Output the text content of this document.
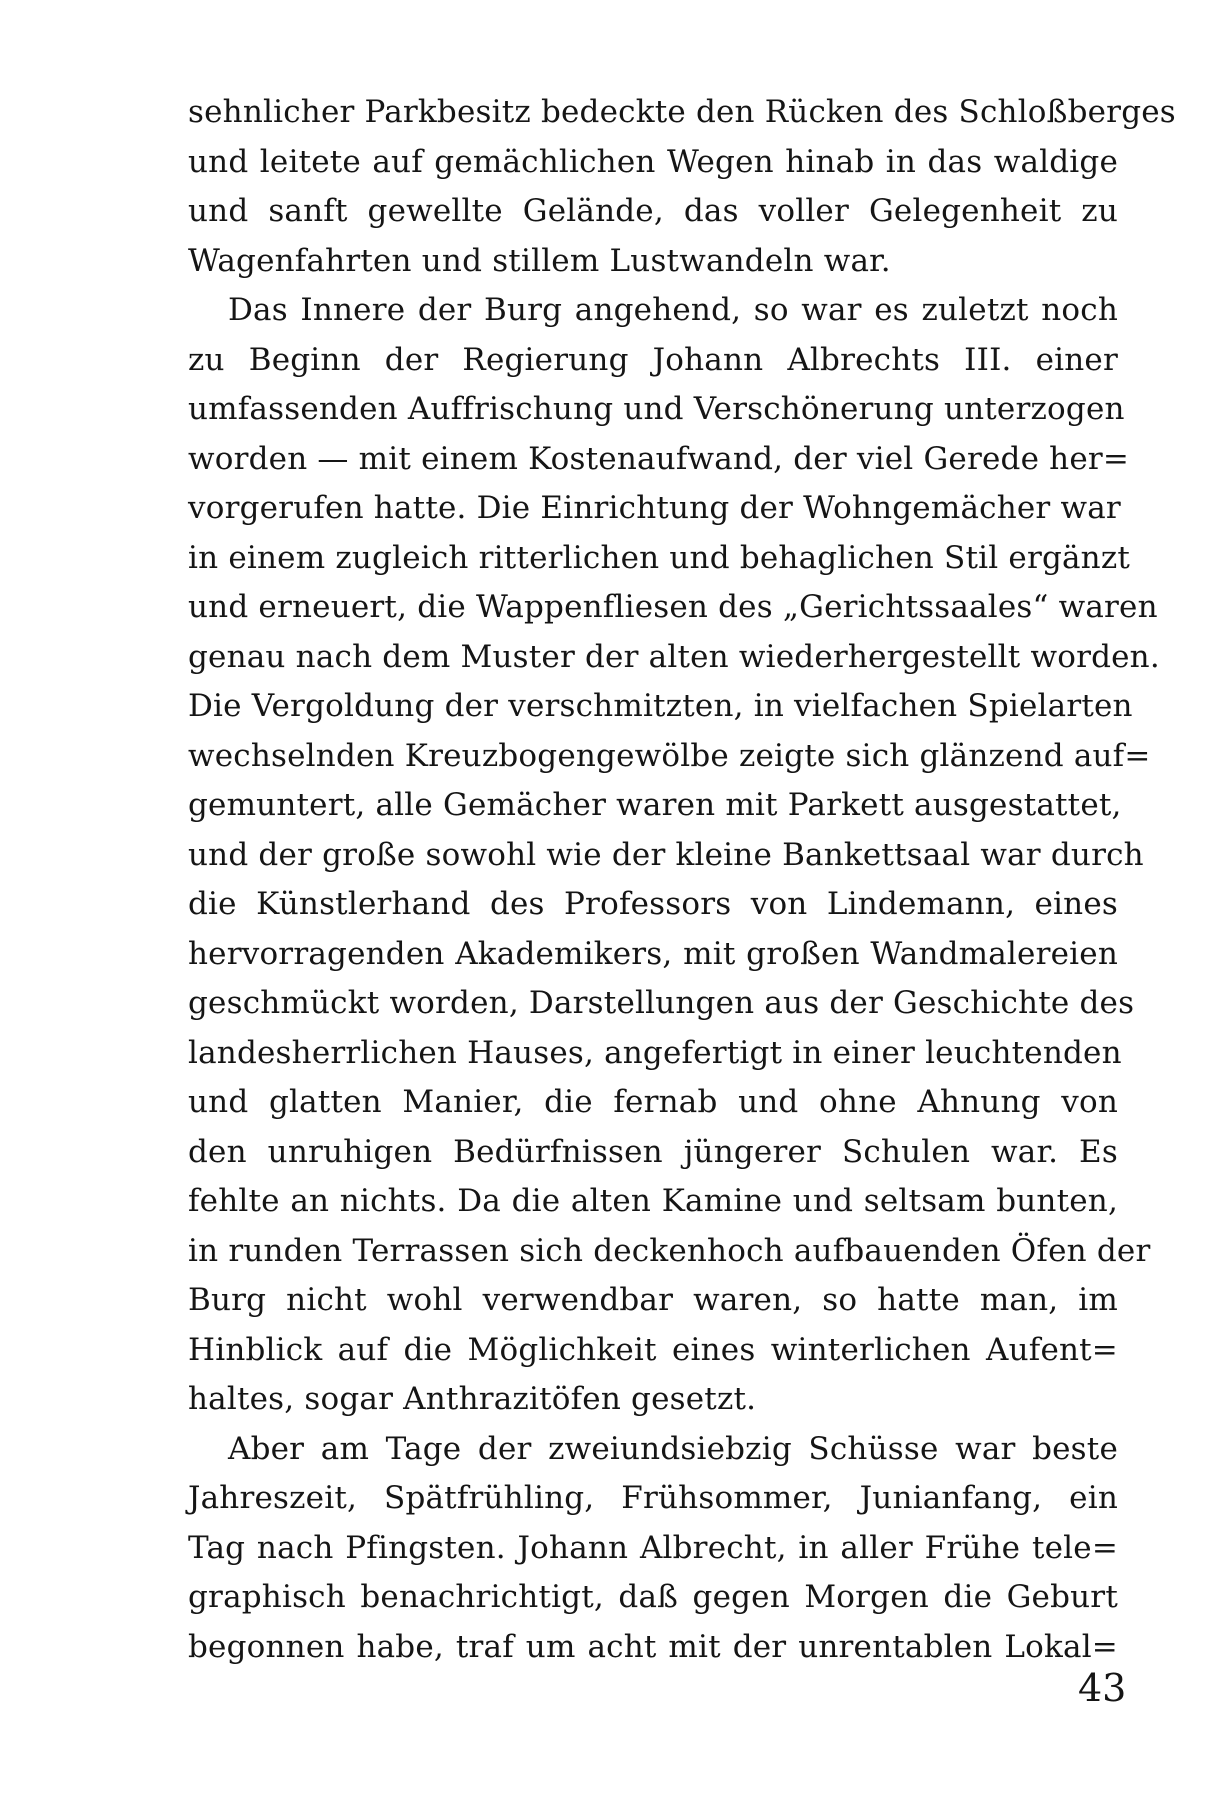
sehnlicher Parkbesitz bedeckte den Rücken des Schloßberges
und leitete auf gemächlichen Wegen hinab in das waldige
und sanft gewellte Gelände, das voller Gelegenheit zu
Wagenfahrten und stillem Lustwandeln war.
Das Innere der Burg angehend, so war es zuletzt noch
zu Beginn der Regierung Johann Albrechts III. einer
umfassenden Auffrischung und Verschönerung unterzogen
worden — mit einem Kostenaufwand, der viel Gerede her=
vorgerufen hatte. Die Einrichtung der Wohngemächer war
in einem zugleich ritterlichen und behaglichen Stil ergänzt
und erneuert, die Wappenfliesen des „Gerichtssaales“ waren
genau nach dem Muster der alten wiederhergestellt worden.
Die Vergoldung der verschmitzten, in vielfachen Spielarten
wechselnden Kreuzbogengewölbe zeigte sich glänzend auf=
gemuntert, alle Gemächer waren mit Parkett ausgestattet,
und der große sowohl wie der kleine Bankettsaal war durch
die Künstlerhand des Professors von Lindemann, eines
hervorragenden Akademikers, mit großen Wandmalereien
geschmückt worden, Darstellungen aus der Geschichte des
landesherrlichen Hauses, angefertigt in einer leuchtenden
und glatten Manier, die fernab und ohne Ahnung von
den unruhigen Bedürfnissen jüngerer Schulen war. Es
fehlte an nichts. Da die alten Kamine und seltsam bunten,
in runden Terrassen sich deckenhoch aufbauenden Öfen der
Burg nicht wohl verwendbar waren, so hatte man, im
Hinblick auf die Möglichkeit eines winterlichen Aufent=
haltes, sogar Anthrazitöfen gesetzt.
Aber am Tage der zweiundsiebzig Schüsse war beste
Jahreszeit, Spätfrühling, Frühsommer, Junianfang, ein
Tag nach Pfingsten. Johann Albrecht, in aller Frühe tele=
graphisch benachrichtigt, daß gegen Morgen die Geburt
begonnen habe, traf um acht mit der unrentablen Lokal=
43
